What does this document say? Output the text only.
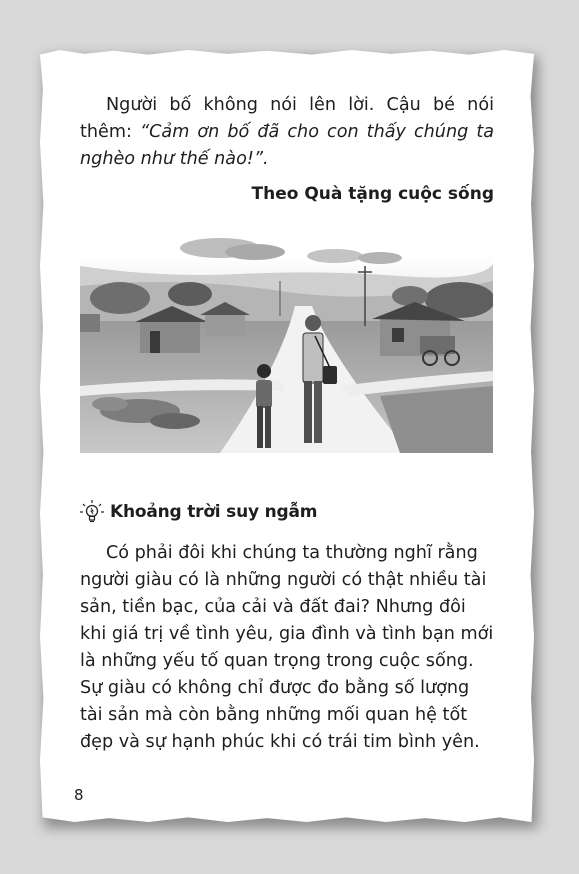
Người bố không nói lên lời. Cậu bé nói thêm: “Cảm ơn bố đã cho con thấy chúng ta nghèo như thế nào!”.

Theo Quà tặng cuộc sống

Khoảng trời suy ngẫm

Có phải đôi khi chúng ta thường nghĩ rằng người giàu có là những người có thật nhiều tài sản, tiền bạc, của cải và đất đai? Nhưng đôi khi giá trị về tình yêu, gia đình và tình bạn mới là những yếu tố quan trọng trong cuộc sống. Sự giàu có không chỉ được đo bằng số lượng tài sản mà còn bằng những mối quan hệ tốt đẹp và sự hạnh phúc khi có trái tim bình yên.

8
